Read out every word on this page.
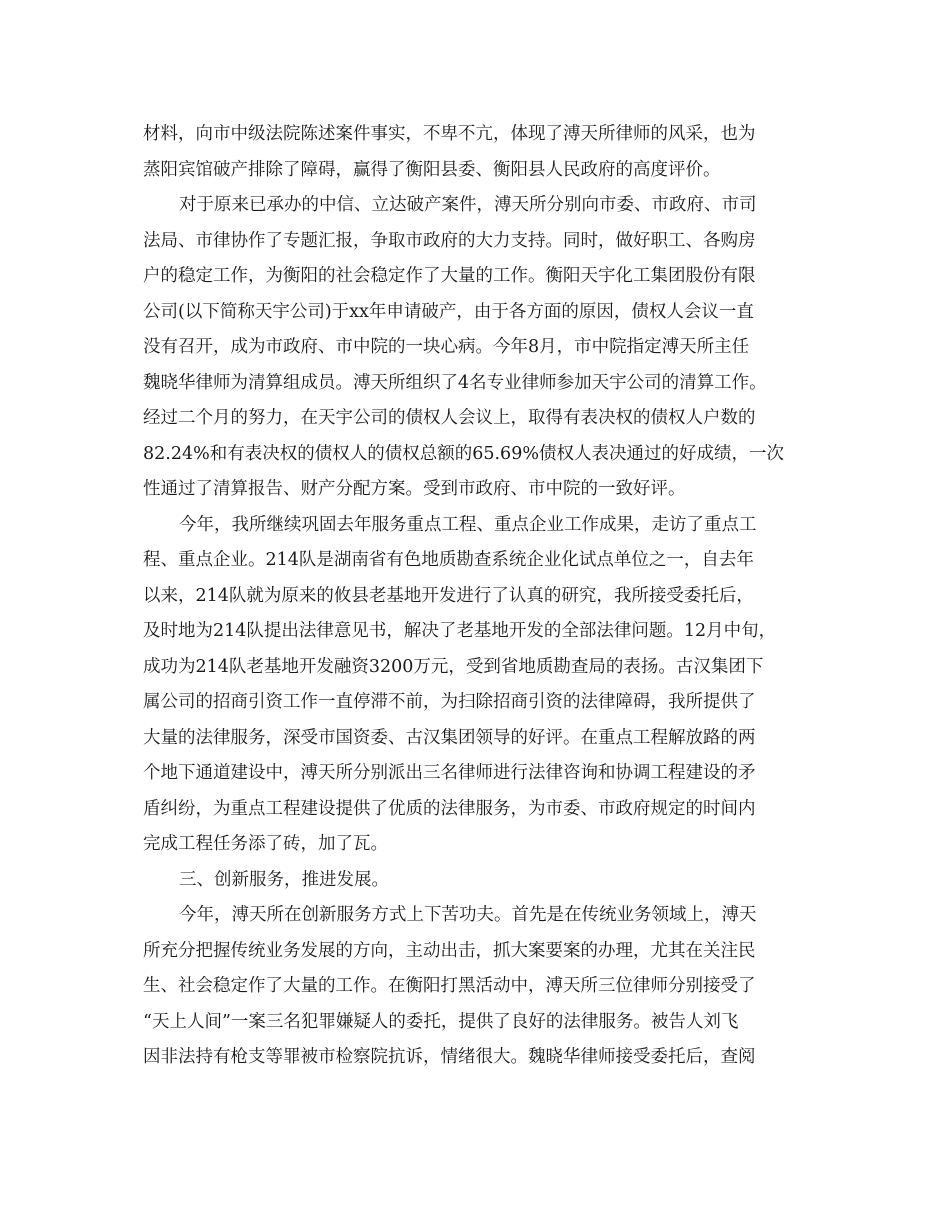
材料，向市中级法院陈述案件事实，不卑不亢，体现了溥天所律师的风采，也为
蒸阳宾馆破产排除了障碍，赢得了衡阳县委、衡阳县人民政府的高度评价。
对于原来已承办的中信、立达破产案件，溥天所分别向市委、市政府、市司
法局、市律协作了专题汇报，争取市政府的大力支持。同时，做好职工、各购房
户的稳定工作，为衡阳的社会稳定作了大量的工作。衡阳天宇化工集团股份有限
公司(以下简称天宇公司)于xx年申请破产，由于各方面的原因，债权人会议一直
没有召开，成为市政府、市中院的一块心病。今年8月，市中院指定溥天所主任
魏晓华律师为清算组成员。溥天所组织了4名专业律师参加天宇公司的清算工作。
经过二个月的努力，在天宇公司的债权人会议上，取得有表决权的债权人户数的
82.24%和有表决权的债权人的债权总额的65.69%债权人表决通过的好成绩，一次
性通过了清算报告、财产分配方案。受到市政府、市中院的一致好评。
今年，我所继续巩固去年服务重点工程、重点企业工作成果，走访了重点工
程、重点企业。214队是湖南省有色地质勘查系统企业化试点单位之一，自去年
以来，214队就为原来的攸县老基地开发进行了认真的研究，我所接受委托后，
及时地为214队提出法律意见书，解决了老基地开发的全部法律问题。12月中旬，
成功为214队老基地开发融资3200万元，受到省地质勘查局的表扬。古汉集团下
属公司的招商引资工作一直停滞不前，为扫除招商引资的法律障碍，我所提供了
大量的法律服务，深受市国资委、古汉集团领导的好评。在重点工程解放路的两
个地下通道建设中，溥天所分别派出三名律师进行法律咨询和协调工程建设的矛
盾纠纷，为重点工程建设提供了优质的法律服务，为市委、市政府规定的时间内
完成工程任务添了砖，加了瓦。
三、创新服务，推进发展。
今年，溥天所在创新服务方式上下苦功夫。首先是在传统业务领域上，溥天
所充分把握传统业务发展的方向，主动出击，抓大案要案的办理，尤其在关注民
生、社会稳定作了大量的工作。在衡阳打黑活动中，溥天所三位律师分别接受了
“天上人间”一案三名犯罪嫌疑人的委托，提供了良好的法律服务。被告人刘飞
因非法持有枪支等罪被市检察院抗诉，情绪很大。魏晓华律师接受委托后，查阅
